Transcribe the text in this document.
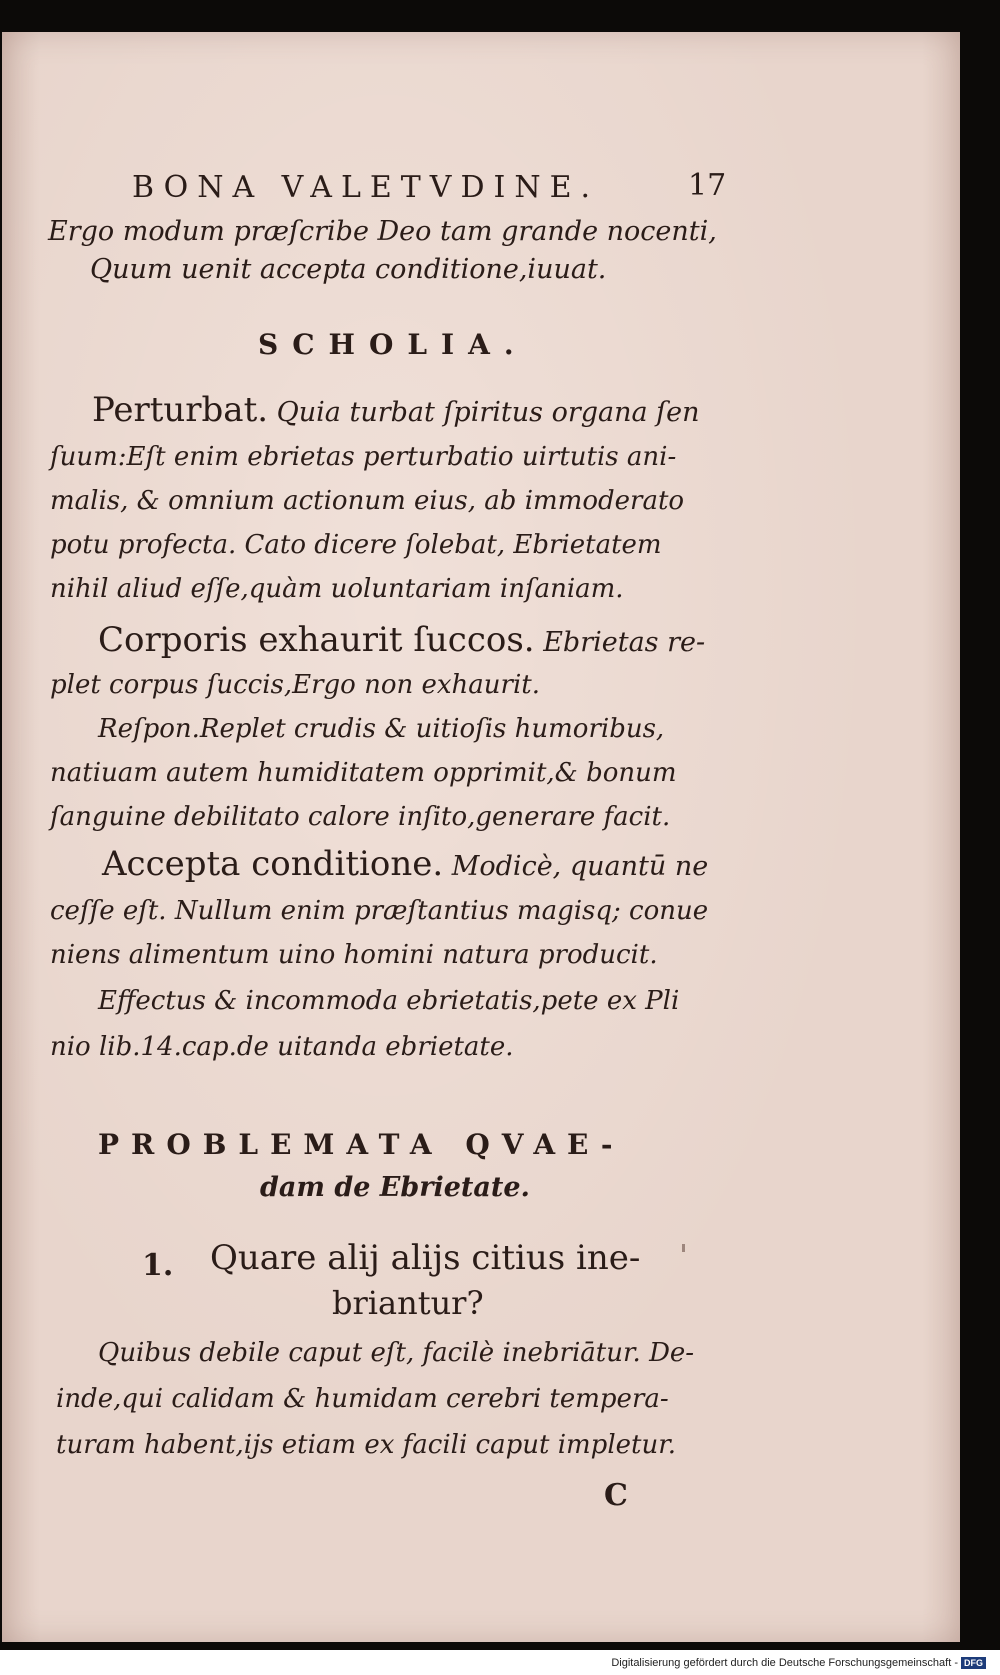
BONA VALETVDINE.	17
Ergo modum præſcribe Deo tam grande nocenti,
Quum uenit accepta conditione,iuuat.
SCHOLIA.
Perturbat. Quia turbat ſpiritus organa ſen
ſuum:Eſt enim ebrietas perturbatio uirtutis ani-
malis, & omnium actionum eius, ab immoderato
potu profecta. Cato dicere ſolebat, Ebrietatem
nihil aliud eſſe,quàm uoluntariam inſaniam.
Corporis exhaurit ſuccos. Ebrietas re-
plet corpus ſuccis,Ergo non exhaurit.
Reſpon.Replet crudis & uitioſis humoribus,
natiuam autem humiditatem opprimit,& bonum
ſanguine debilitato calore inſito,generare facit.
Accepta conditione. Modicè, quantū ne
ceſſe eſt. Nullum enim præſtantius magisq; conue
niens alimentum uino homini natura producit.
Effectus & incommoda ebrietatis,pete ex Pli
nio lib.14.cap.de uitanda ebrietate.
PROBLEMATA QVAE-
dam de Ebrietate.
1. Quare alij alijs citius ine-
briantur?
Quibus debile caput eſt, facilè inebriātur. De-
inde,qui calidam & humidam cerebri tempera-
turam habent,ijs etiam ex facili caput impletur.
C
Digitalisierung gefördert durch die Deutsche Forschungsgemeinschaft - DFG
